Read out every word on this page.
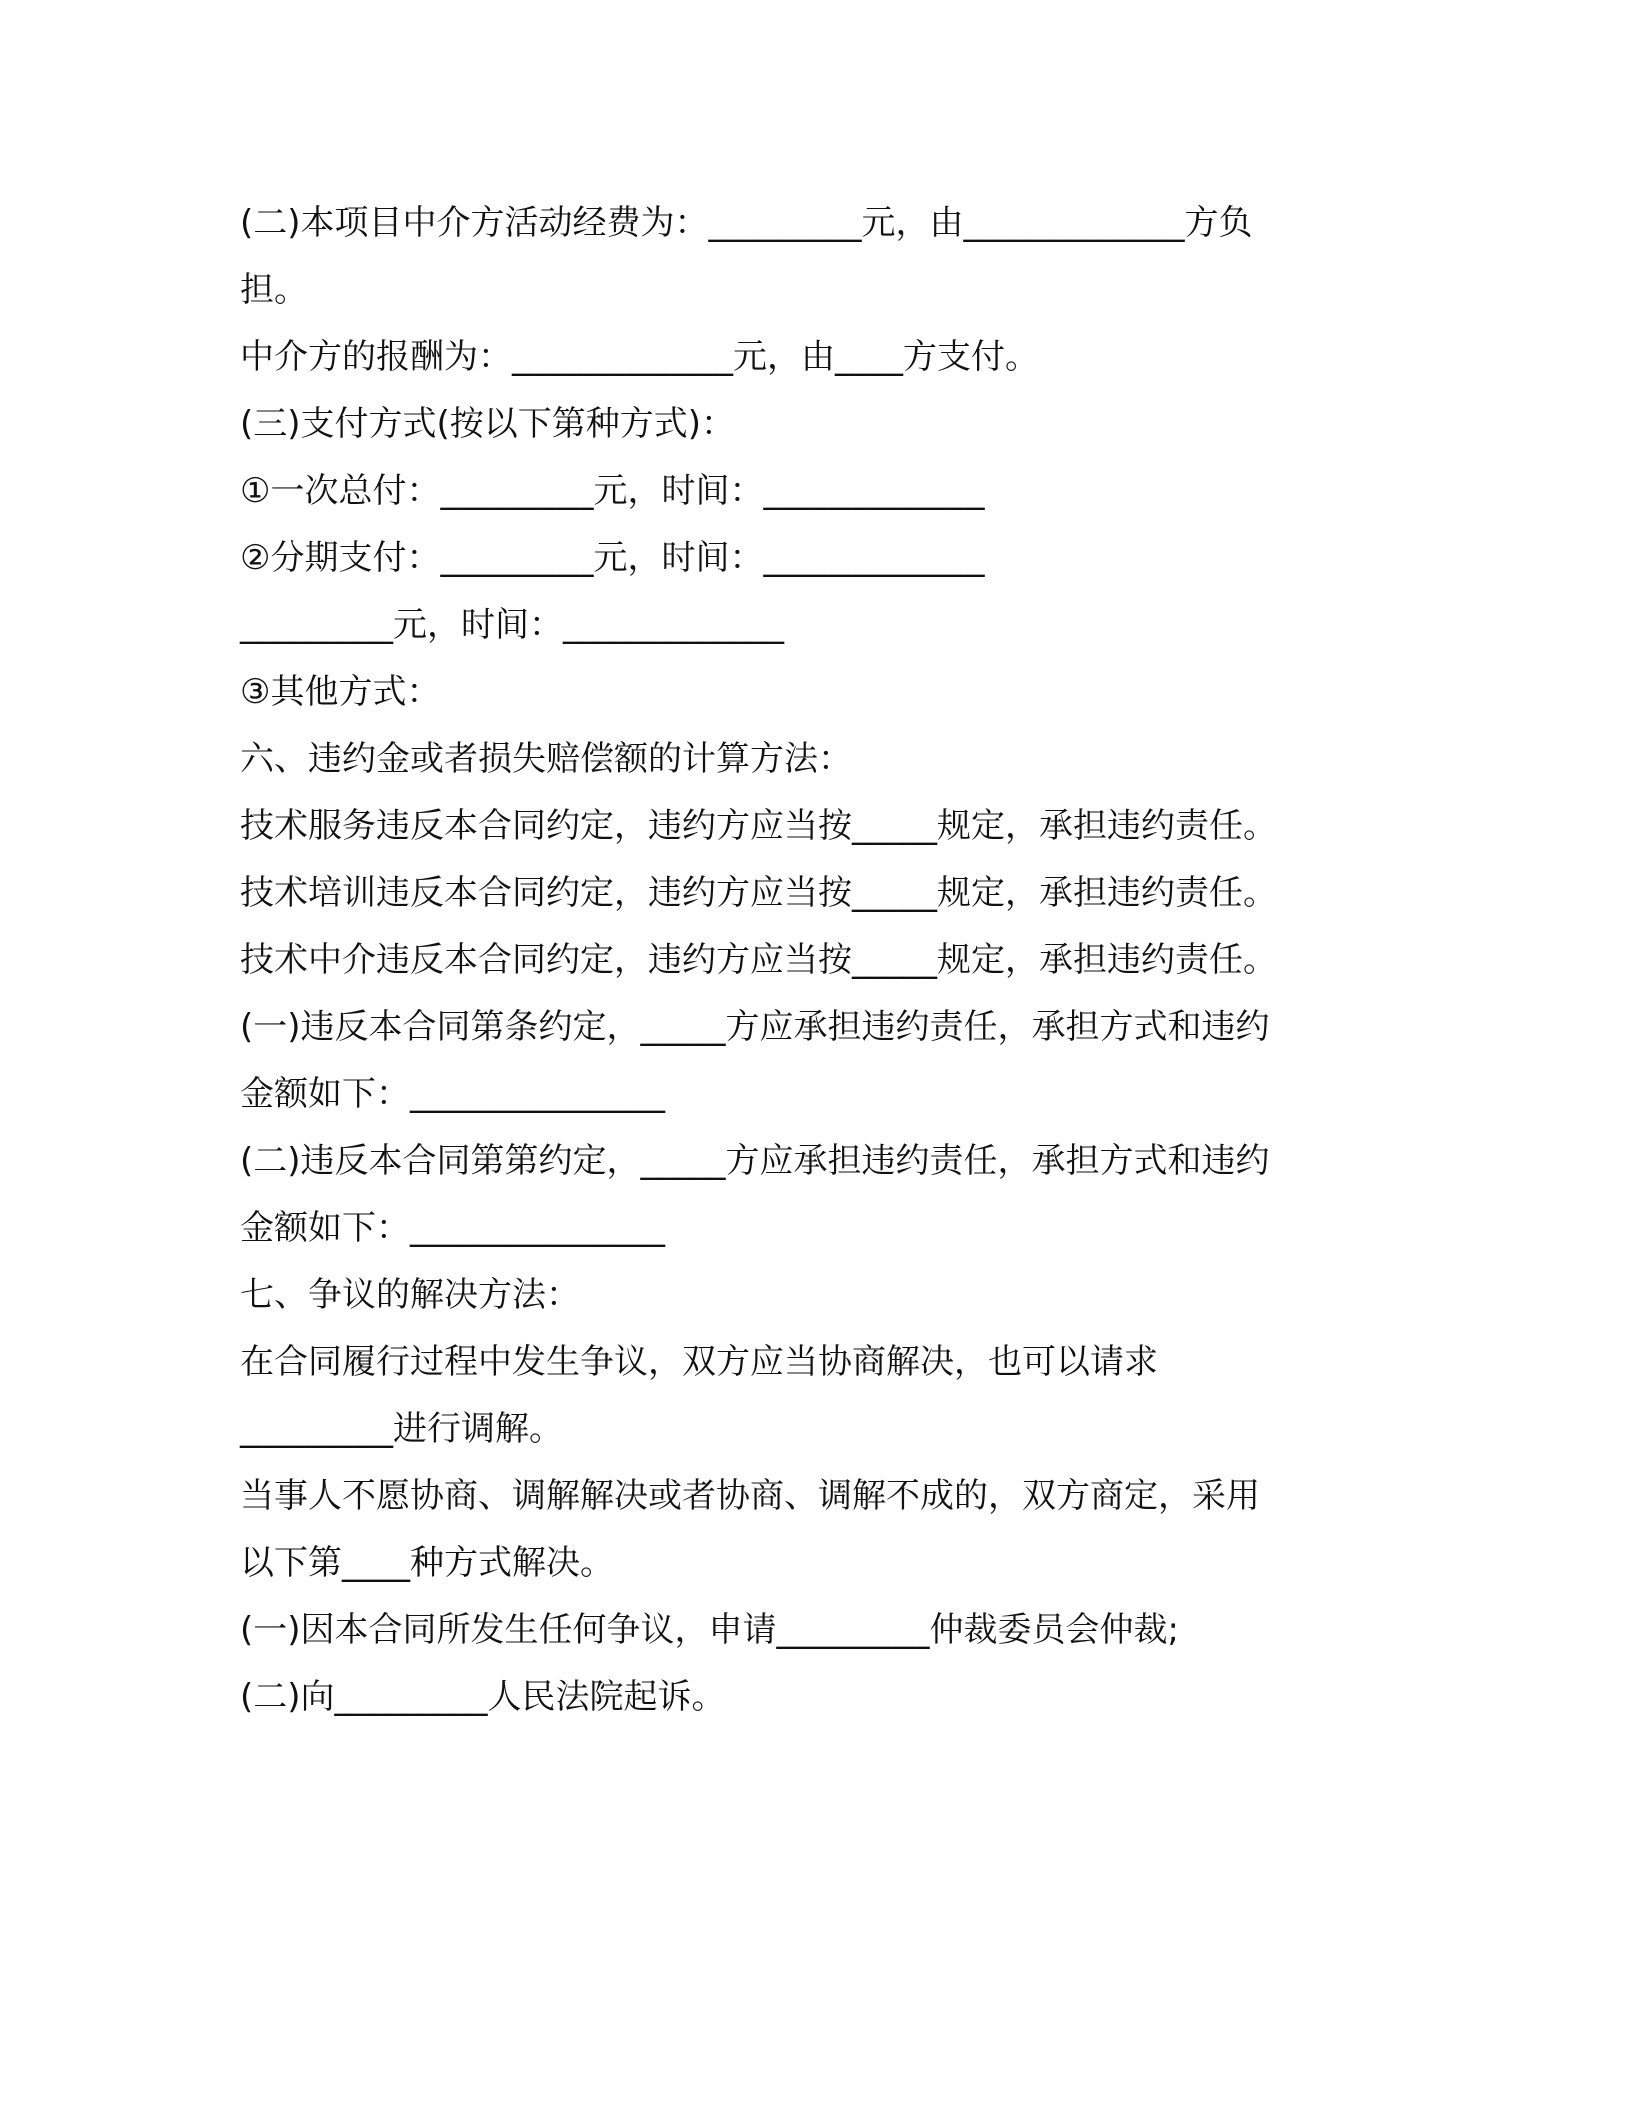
(二)本项目中介方活动经费为：_________元，由_____________方负

担。

中介方的报酬为：_____________元，由____方支付。

(三)支付方式(按以下第种方式)：

①一次总付：_________元，时间：_____________

②分期支付：_________元，时间：_____________

_________元，时间：_____________

③其他方式：

六、违约金或者损失赔偿额的计算方法：

技术服务违反本合同约定，违约方应当按_____规定，承担违约责任。

技术培训违反本合同约定，违约方应当按_____规定，承担违约责任。

技术中介违反本合同约定，违约方应当按_____规定，承担违约责任。

(一)违反本合同第条约定，_____方应承担违约责任，承担方式和违约

金额如下：_______________

(二)违反本合同第第约定，_____方应承担违约责任，承担方式和违约

金额如下：_______________

七、争议的解决方法：

在合同履行过程中发生争议，双方应当协商解决，也可以请求

_________进行调解。

当事人不愿协商、调解解决或者协商、调解不成的，双方商定，采用

以下第____种方式解决。

(一)因本合同所发生任何争议，申请_________仲裁委员会仲裁;

(二)向_________人民法院起诉。
